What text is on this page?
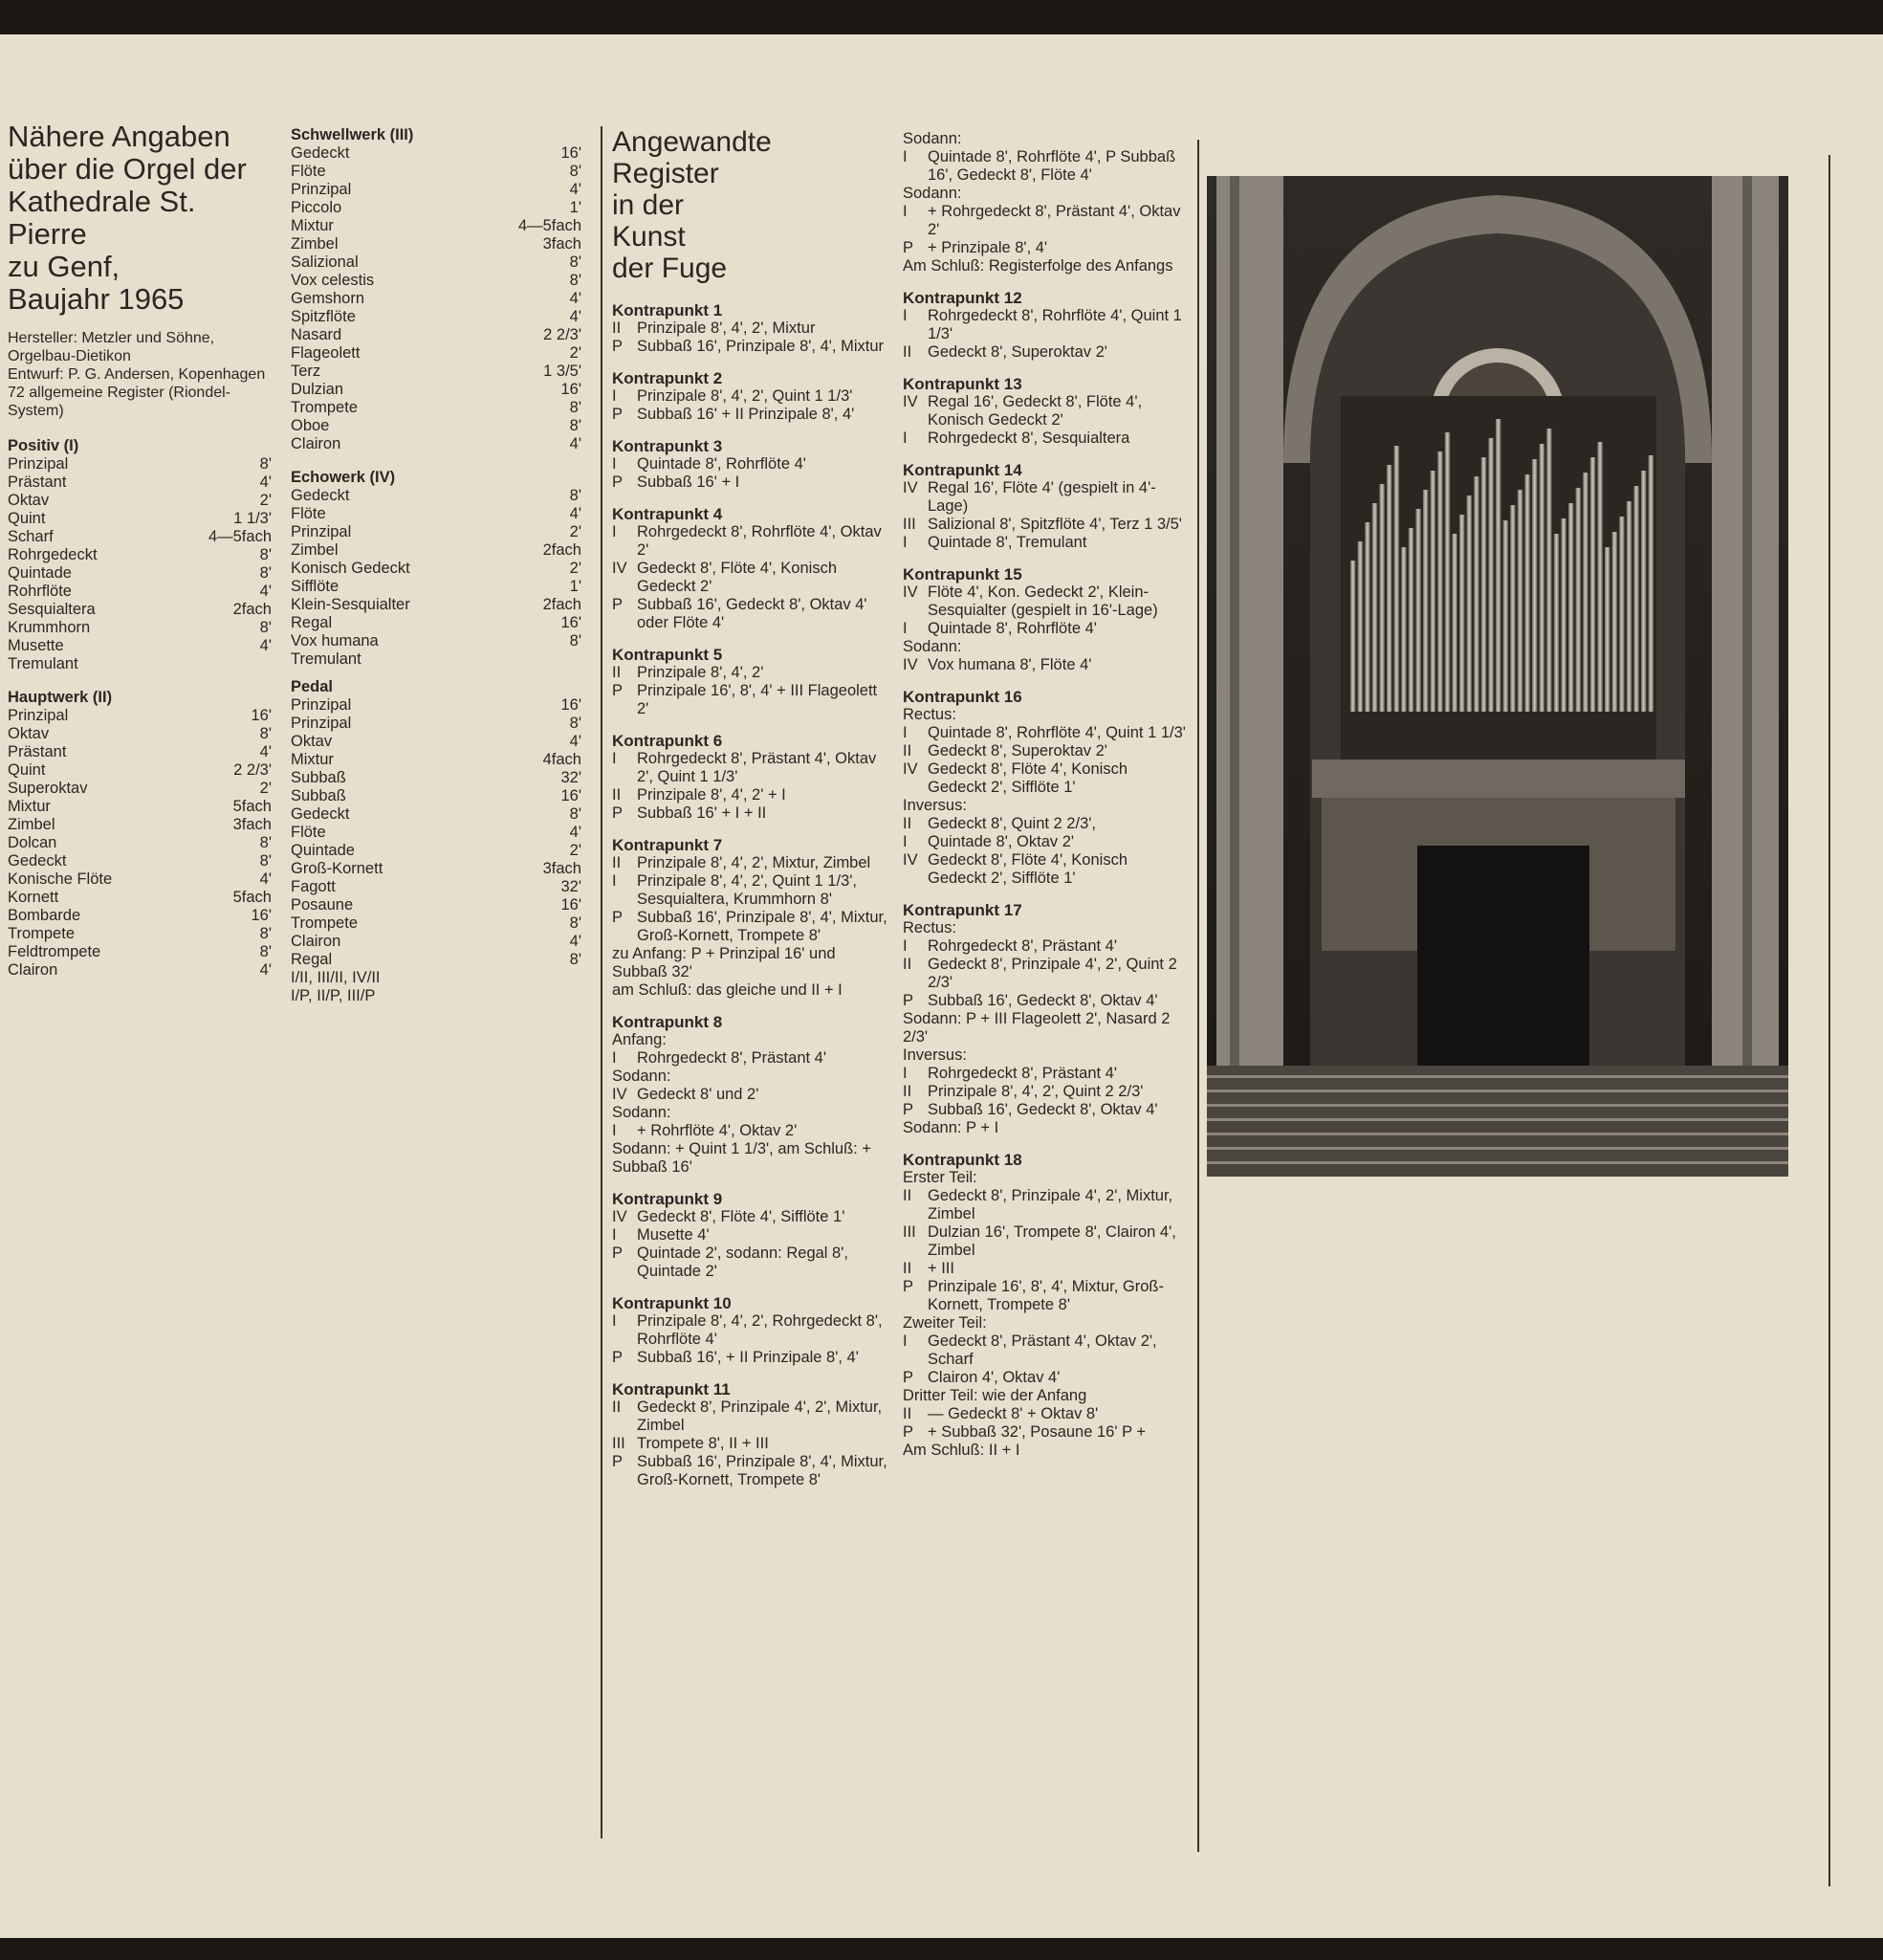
Nähere Angaben
über die Orgel der
Kathedrale St. Pierre
zu Genf,
Baujahr 1965
Hersteller: Metzler und Söhne, Orgelbau-Dietikon
Entwurf: P. G. Andersen, Kopenhagen
72 allgemeine Register (Riondel-System)
Positiv (I)
Prinzipal	8'
Prästant	4'
Oktav	2'
Quint	1 1/3'
Scharf	4—5fach
Rohrgedeckt	8'
Quintade	8'
Rohrflöte	4'
Sesquialtera	2fach
Krummhorn	8'
Musette	4'
Tremulant
Hauptwerk (II)
Prinzipal	16'
Oktav	8'
Prästant	4'
Quint	2 2/3'
Superoktav	2'
Mixtur	5fach
Zimbel	3fach
Dolcan	8'
Gedeckt	8'
Konische Flöte	4'
Kornett	5fach
Bombarde	16'
Trompete	8'
Feldtrompete	8'
Clairon	4'
Schwellwerk (III)
Gedeckt	16'
Flöte	8'
Prinzipal	4'
Piccolo	1'
Mixtur	4—5fach
Zimbel	3fach
Salizional	8'
Vox celestis	8'
Gemshorn	4'
Spitzflöte	4'
Nasard	2 2/3'
Flageolett	2'
Terz	1 3/5'
Dulzian	16'
Trompete	8'
Oboe	8'
Clairon	4'
Echowerk (IV)
Gedeckt	8'
Flöte	4'
Prinzipal	2'
Zimbel	2fach
Konisch Gedeckt	2'
Sifflöte	1'
Klein-Sesquialter	2fach
Regal	16'
Vox humana	8'
Tremulant
Pedal
Prinzipal	16'
Prinzipal	8'
Oktav	4'
Mixtur	4fach
Subbaß	32'
Subbaß	16'
Gedeckt	8'
Flöte	4'
Quintade	2'
Groß-Kornett	3fach
Fagott	32'
Posaune	16'
Trompete	8'
Clairon	4'
Regal	8'
I/II, III/II, IV/II
I/P, II/P, III/P
Angewandte
Register
in der
Kunst
der Fuge
Kontrapunkt 1
II	Prinzipale 8', 4', 2', Mixtur
P Subbaß 16', Prinzipale 8', 4', Mixtur
Kontrapunkt 2
I	Prinzipale 8', 4', 2', Quint 1 1/3'
P Subbaß 16' + II Prinzipale 8', 4'
Kontrapunkt 3
I	Quintade 8', Rohrflöte 4'
P Subbaß 16' + I
Kontrapunkt 4
I	Rohrgedeckt 8', Rohrflöte 4', Oktav 2'
IV Gedeckt 8', Flöte 4', Konisch Gedeckt 2'
P Subbaß 16', Gedeckt 8', Oktav 4' oder Flöte 4'
Kontrapunkt 5
II	Prinzipale 8', 4', 2'
P Prinzipale 16', 8', 4' + III Flageolett 2'
Kontrapunkt 6
I	Rohrgedeckt 8', Prästant 4', Oktav 2', Quint 1 1/3'
II	Prinzipale 8', 4', 2' + I
P Subbaß 16' + I + II
Kontrapunkt 7
II	Prinzipale 8', 4', 2', Mixtur, Zimbel
I	Prinzipale 8', 4', 2', Quint 1 1/3', Sesquialtera, Krummhorn 8'
P Subbaß 16', Prinzipale 8', 4', Mixtur, Groß-Kornett, Trompete 8'
zu Anfang: P + Prinzipal 16' und Subbaß 32'
am Schluß: das gleiche und II + I
Kontrapunkt 8
Anfang:
I	Rohrgedeckt 8', Prästant 4'
Sodann:
IV Gedeckt 8' und 2'
Sodann:
I	+ Rohrflöte 4', Oktav 2'
Sodann: + Quint 1 1/3', am Schluß: + Subbaß 16'
Kontrapunkt 9
IV Gedeckt 8', Flöte 4', Sifflöte 1'
I	Musette 4'
P Quintade 2', sodann: Regal 8', Quintade 2'
Kontrapunkt 10
I	Prinzipale 8', 4', 2', Rohrgedeckt 8', Rohrflöte 4'
P Subbaß 16', + II Prinzipale 8', 4'
Kontrapunkt 11
II	Gedeckt 8', Prinzipale 4', 2', Mixtur, Zimbel
III Trompete 8', II + III
P Subbaß 16', Prinzipale 8', 4', Mixtur, Groß-Kornett, Trompete 8'
Sodann:
I	Quintade 8', Rohrflöte 4', P Subbaß 16', Gedeckt 8', Flöte 4'
Sodann:
I	+ Rohrgedeckt 8', Prästant 4', Oktav 2'
P + Prinzipale 8', 4'
Am Schluß: Registerfolge des Anfangs
Kontrapunkt 12
I	Rohrgedeckt 8', Rohrflöte 4', Quint 1 1/3'
II	Gedeckt 8', Superoktav 2'
Kontrapunkt 13
IV Regal 16', Gedeckt 8', Flöte 4', Konisch Gedeckt 2'
I	Rohrgedeckt 8', Sesquialtera
Kontrapunkt 14
IV Regal 16', Flöte 4' (gespielt in 4'-Lage)
III Salizional 8', Spitzflöte 4', Terz 1 3/5'
I	Quintade 8', Tremulant
Kontrapunkt 15
IV Flöte 4', Kon. Gedeckt 2', Klein-Sesquialter (gespielt in 16'-Lage)
I	Quintade 8', Rohrflöte 4'
Sodann:
IV Vox humana 8', Flöte 4'
Kontrapunkt 16
Rectus:
I	Quintade 8', Rohrflöte 4', Quint 1 1/3'
II	Gedeckt 8', Superoktav 2'
IV Gedeckt 8', Flöte 4', Konisch Gedeckt 2', Sifflöte 1'
Inversus:
II	Gedeckt 8', Quint 2 2/3',
I	Quintade 8', Oktav 2'
IV Gedeckt 8', Flöte 4', Konisch Gedeckt 2', Sifflöte 1'
Kontrapunkt 17
Rectus:
I	Rohrgedeckt 8', Prästant 4'
II	Gedeckt 8', Prinzipale 4', 2', Quint 2 2/3'
P Subbaß 16', Gedeckt 8', Oktav 4'
Sodann: P + III Flageolett 2', Nasard 2 2/3'
Inversus:
I	Rohrgedeckt 8', Prästant 4'
II	Prinzipale 8', 4', 2', Quint 2 2/3'
P Subbaß 16', Gedeckt 8', Oktav 4'
Sodann: P + I
Kontrapunkt 18
Erster Teil:
II	Gedeckt 8', Prinzipale 4', 2', Mixtur, Zimbel
III Dulzian 16', Trompete 8', Clairon 4', Zimbel
II	+ III
P Prinzipale 16', 8', 4', Mixtur, Groß-Kornett, Trompete 8'
Zweiter Teil:
I	Gedeckt 8', Prästant 4', Oktav 2', Scharf
P Clairon 4', Oktav 4'
Dritter Teil: wie der Anfang
II	— Gedeckt 8' + Oktav 8'
P + Subbaß 32', Posaune 16' P +
Am Schluß: II + I
